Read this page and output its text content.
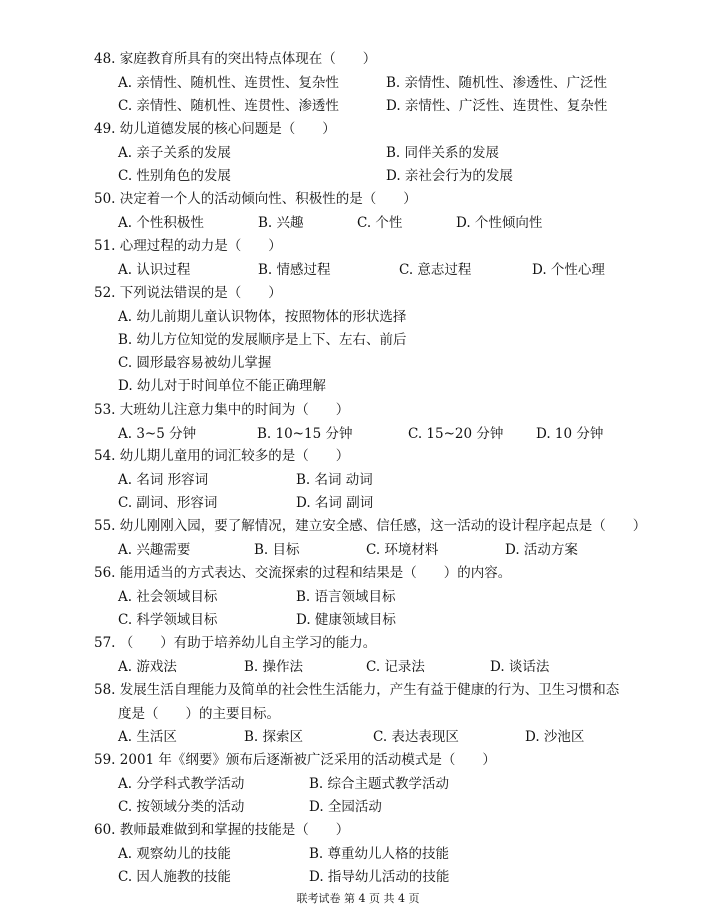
48. 家庭教育所具有的突出特点体现在（　　）
A. 亲情性、随机性、连贯性、复杂性	B. 亲情性、随机性、渗透性、广泛性
C. 亲情性、随机性、连贯性、渗透性	D. 亲情性、广泛性、连贯性、复杂性
49. 幼儿道德发展的核心问题是（　　）
A. 亲子关系的发展	B. 同伴关系的发展
C. 性别角色的发展	D. 亲社会行为的发展
50. 决定着一个人的活动倾向性、积极性的是（　　）
A. 个性积极性	B. 兴趣	C. 个性	D. 个性倾向性
51. 心理过程的动力是（　　）
A. 认识过程	B. 情感过程	C. 意志过程	D. 个性心理
52. 下列说法错误的是（　　）
A. 幼儿前期儿童认识物体，按照物体的形状选择
B. 幼儿方位知觉的发展顺序是上下、左右、前后
C. 圆形最容易被幼儿掌握
D. 幼儿对于时间单位不能正确理解
53. 大班幼儿注意力集中的时间为（　　）
A. 3~5 分钟	B. 10~15 分钟	C. 15~20 分钟 D. 10 分钟
54. 幼儿期儿童用的词汇较多的是（　　）
A. 名词 形容词	B. 名词 动词
C. 副词、形容词	D. 名词 副词
55. 幼儿刚刚入园，要了解情况，建立安全感、信任感，这一活动的设计程序起点是（　　）
A. 兴趣需要	B. 目标	C. 环境材料	D. 活动方案
56. 能用适当的方式表达、交流探索的过程和结果是（　　）的内容。
A. 社会领域目标	B. 语言领域目标
C. 科学领域目标	D. 健康领域目标
57. （　　）有助于培养幼儿自主学习的能力。
A. 游戏法	B. 操作法	C. 记录法	D. 谈话法
58. 发展生活自理能力及简单的社会性生活能力，产生有益于健康的行为、卫生习惯和态
度是（　　）的主要目标。
A. 生活区	B. 探索区	C. 表达表现区	D. 沙池区
59. 2001 年《纲要》颁布后逐渐被广泛采用的活动模式是（　　）
A. 分学科式教学活动	B. 综合主题式教学活动
C. 按领域分类的活动	D. 全园活动
60. 教师最难做到和掌握的技能是（　　）
A. 观察幼儿的技能	B. 尊重幼儿人格的技能
C. 因人施教的技能	D. 指导幼儿活动的技能
联考试卷 第 4 页 共 4 页
